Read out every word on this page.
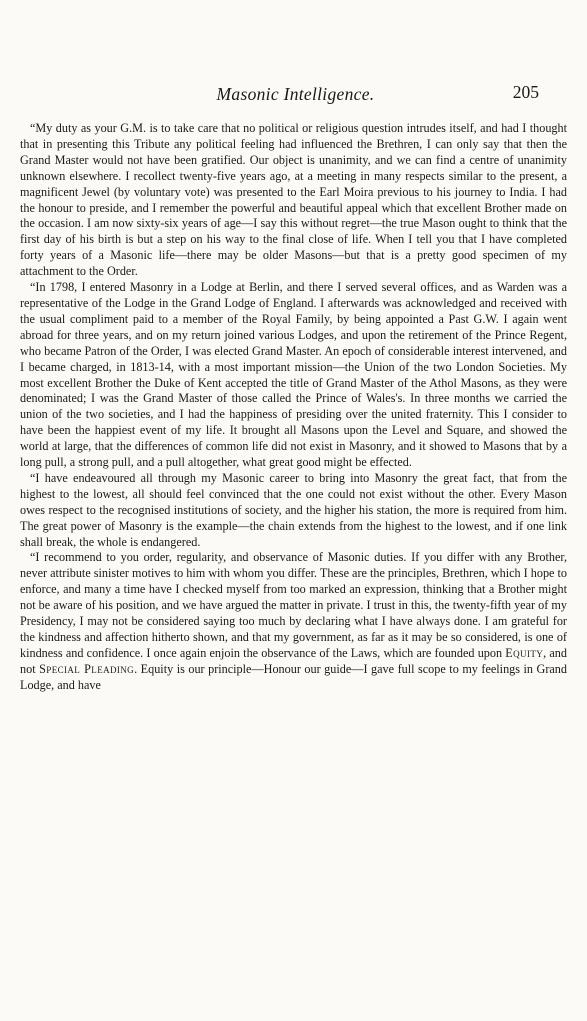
Masonic Intelligence.	205

“My duty as your G.M. is to take care that no political or religious question intrudes itself, and had I thought that in presenting this Tribute any political feeling had influenced the Brethren, I can only say that then the Grand Master would not have been gratified. Our object is unanimity, and we can find a centre of unanimity unknown elsewhere. I recollect twenty-five years ago, at a meeting in many respects similar to the present, a magnificent Jewel (by voluntary vote) was presented to the Earl Moira previous to his journey to India. I had the honour to preside, and I remember the powerful and beautiful appeal which that excellent Brother made on the occasion. I am now sixty-six years of age—I say this without regret—the true Mason ought to think that the first day of his birth is but a step on his way to the final close of life. When I tell you that I have completed forty years of a Masonic life—there may be older Masons—but that is a pretty good specimen of my attachment to the Order.

“In 1798, I entered Masonry in a Lodge at Berlin, and there I served several offices, and as Warden was a representative of the Lodge in the Grand Lodge of England. I afterwards was acknowledged and received with the usual compliment paid to a member of the Royal Family, by being appointed a Past G.W. I again went abroad for three years, and on my return joined various Lodges, and upon the retirement of the Prince Regent, who became Patron of the Order, I was elected Grand Master. An epoch of considerable interest intervened, and I became charged, in 1813-14, with a most important mission—the Union of the two London Societies. My most excellent Brother the Duke of Kent accepted the title of Grand Master of the Athol Masons, as they were denominated; I was the Grand Master of those called the Prince of Wales's. In three months we carried the union of the two societies, and I had the happiness of presiding over the united fraternity. This I consider to have been the happiest event of my life. It brought all Masons upon the Level and Square, and showed the world at large, that the differences of common life did not exist in Masonry, and it showed to Masons that by a long pull, a strong pull, and a pull altogether, what great good might be effected.

“I have endeavoured all through my Masonic career to bring into Masonry the great fact, that from the highest to the lowest, all should feel convinced that the one could not exist without the other. Every Mason owes respect to the recognised institutions of society, and the higher his station, the more is required from him. The great power of Masonry is the example—the chain extends from the highest to the lowest, and if one link shall break, the whole is endangered.

“I recommend to you order, regularity, and observance of Masonic duties. If you differ with any Brother, never attribute sinister motives to him with whom you differ. These are the principles, Brethren, which I hope to enforce, and many a time have I checked myself from too marked an expression, thinking that a Brother might not be aware of his position, and we have argued the matter in private. I trust in this, the twenty-fifth year of my Presidency, I may not be considered saying too much by declaring what I have always done. I am grateful for the kindness and affection hitherto shown, and that my government, as far as it may be so considered, is one of kindness and confidence. I once again enjoin the observance of the Laws, which are founded upon Equity, and not Special Pleading. Equity is our principle—Honour our guide—I gave full scope to my feelings in Grand Lodge, and have
